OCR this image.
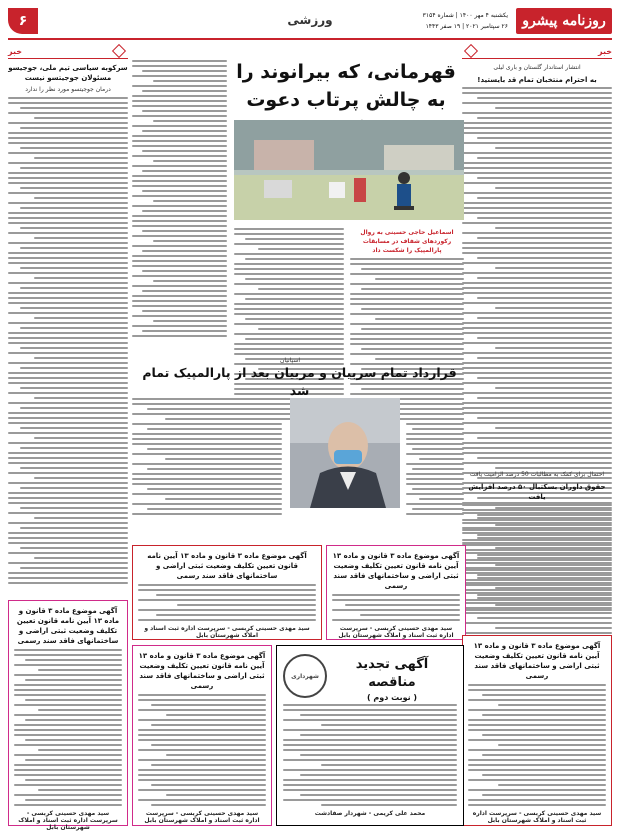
روزنامه پیشرو
یکشنبه ۴ مهر ۱۴۰۰ | شماره ۳۱۵۴
۲۶ سپتامبر ۲۰۲۱ | ۱۹ صفر ۱۴۴۳
ورزشی
۶
خبر
انتشار استاندار گلستان و باری لیلی
به احترام منتخبان تمام قد بایستید!
احتمال برای کمک به مطالبات 50 درصد الزامیت یافت
حقوق داوران بسکتبال ۵۰ درصد افزایش یافت
خبر
سرکوبه سیاسی تیم ملی، جوجیسو مسئولان جوجیتسو نیست
درمان جوجیتسو مورد نظر را ندارد
قهرمانی، که بیرانوند را
به چالش پرتاب دعوت
اسماعیل حاجی حسینی به روال رکوردهای شفاف در مسابقات پارالمپیک را شکست داد
اسپانیان
قرارداد تمام سربیان و مربیان بعد از پارالمپیک تمام شد
آگهی موضوع ماده ۳ قانون و ماده ۱۳ آیین نامه قانون تعیین تکلیف وضعیت ثبتی اراضی و ساختمانهای فاقد سند رسمی
سید مهدی حسینی کربسی - سرپرست اداره ثبت اسناد و املاک شهرستان بابل
آگهی موضوع ماده ۳ قانون و ماده ۱۳ آیین نامه قانون تعیین تکلیف وضعیت ثبتی اراضی و ساختمانهای فاقد سند رسمی
سید مهدی حسینی کربسی - سرپرست اداره ثبت اسناد و املاک شهرستان بابل
آگهی موضوع ماده ۳ قانون و ماده ۱۳ آیین نامه قانون تعیین تکلیف وضعیت ثبتی اراضی و ساختمانهای فاقد سند رسمی
سید مهدی حسینی کربسی - سرپرست اداره ثبت اسناد و املاک شهرستان بابل
آگهی موضوع ماده ۳ قانون و ماده ۱۳ آیین نامه قانون تعیین تکلیف وضعیت ثبتی اراضی و ساختمانهای فاقد سند رسمی
سید مهدی حسینی کربسی - سرپرست اداره ثبت اسناد و املاک شهرستان بابل
آگهی موضوع ماده ۳ قانون و ماده ۱۳ آیین نامه قانون تعیین تکلیف وضعیت ثبتی اراضی و ساختمانهای فاقد سند رسمی
سید مهدی حسینی کربسی - سرپرست اداره ثبت اسناد و املاک شهرستان بابل
شهرداری
آگهی تجدید مناقصه
( نوبت دوم )
محمد علی کریمی - شهردار صفادشت
